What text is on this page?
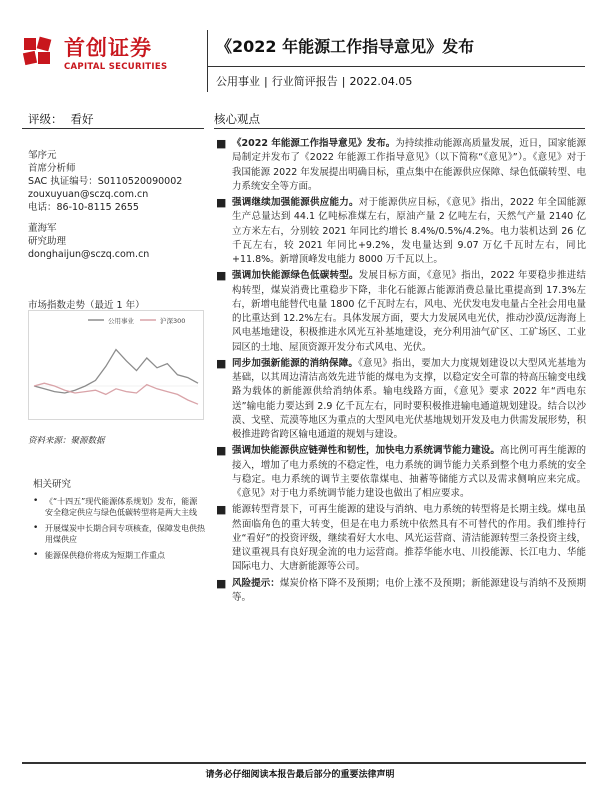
首创证券
CAPITAL SECURITIES
《2022 年能源工作指导意见》发布
公用事业 | 行业简评报告 | 2022.04.05
评级： 看好	核心观点
邹序元
首席分析师
SAC 执证编号：S0110520090002
zouxuyuan@sczq.com.cn
电话：86-10-8115 2655
董海军
研究助理
donghaijun@sczq.com.cn
市场指数走势（最近 1 年）
公用事业	沪深300
资料来源：聚源数据
相关研究
• 《“十四五”现代能源体系规划》发布，能源安全稳定供应与绿色低碳转型将是两大主线
• 开展煤炭中长期合同专项核查，保障发电供热用煤供应
• 能源保供稳价将成为短期工作重点
■ 《2022 年能源工作指导意见》发布。为持续推动能源高质量发展，近日，国家能源局制定并发布了《2022 年能源工作指导意见》（以下简称“《意见》”）。《意见》对于我国能源 2022 年发展提出明确目标，重点集中在能源供应保障、绿色低碳转型、电力系统安全等方面。
■ 强调继续加强能源供应能力。对于能源供应目标，《意见》指出，2022 年全国能源生产总量达到 44.1 亿吨标准煤左右，原油产量 2 亿吨左右，天然气产量 2140 亿立方米左右，分别较 2021 年同比约增长 8.4%/0.5%/4.2%。电力装机达到 26 亿千瓦左右，较 2021 年同比+9.2%，发电量达到 9.07 万亿千瓦时左右，同比+11.8%。新增顶峰发电能力 8000 万千瓦以上。
■ 强调加快能源绿色低碳转型。发展目标方面，《意见》指出，2022 年要稳步推进结构转型，煤炭消费比重稳步下降，非化石能源占能源消费总量比重提高到 17.3%左右，新增电能替代电量 1800 亿千瓦时左右，风电、光伏发电发电量占全社会用电量的比重达到 12.2%左右。具体发展方面，要大力发展风电光伏，推动沙漠/远海海上风电基地建设，积极推进水风光互补基地建设，充分利用油气矿区、工矿场区、工业园区的土地、屋顶资源开发分布式风电、光伏。
■ 同步加强新能源的消纳保障。《意见》指出，要加大力度规划建设以大型风光基地为基础，以其周边清洁高效先进节能的煤电为支撑，以稳定安全可靠的特高压输变电线路为载体的新能源供给消纳体系。输电线路方面，《意见》要求 2022 年“西电东送”输电能力要达到 2.9 亿千瓦左右，同时要积极推进输电通道规划建设。结合以沙漠、戈壁、荒漠等地区为重点的大型风电光伏基地规划开发及电力供需发展形势，积极推进跨省跨区输电通道的规划与建设。
■ 强调加快能源供应链弹性和韧性，加快电力系统调节能力建设。高比例可再生能源的接入，增加了电力系统的不稳定性，电力系统的调节能力关系到整个电力系统的安全与稳定。电力系统的调节主要依靠煤电、抽蓄等储能方式以及需求侧响应来完成。《意见》对于电力系统调节能力建设也做出了相应要求。
■ 能源转型背景下，可再生能源的建设与消纳、电力系统的转型将是长期主线。煤电虽然面临角色的重大转变，但是在电力系统中依然具有不可替代的作用。我们维持行业“看好”的投资评级，继续看好大水电、风光运营商、清洁能源转型三条投资主线，建议重视具有良好现金流的电力运营商。推荐华能水电、川投能源、长江电力、华能国际电力、大唐新能源等公司。
■ 风险提示：煤炭价格下降不及预期；电价上涨不及预期；新能源建设与消纳不及预期等。
请务必仔细阅读本报告最后部分的重要法律声明
